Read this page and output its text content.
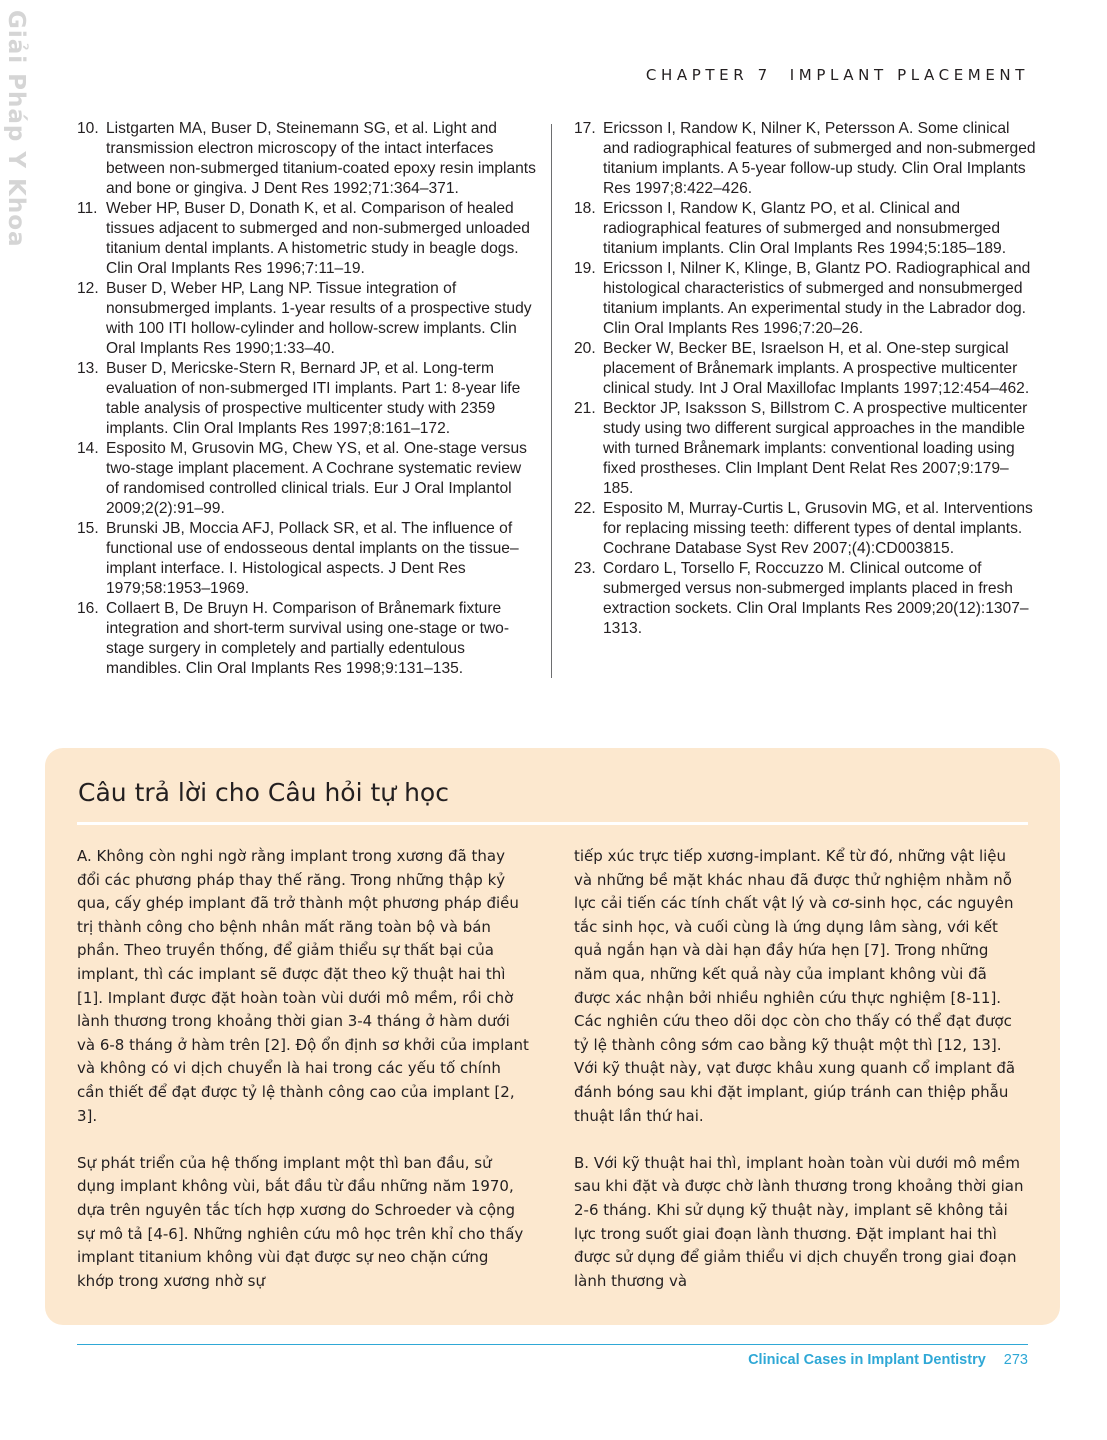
Giải Pháp Y Khoa	CHAPTER 7 IMPLANT PLACEMENT
10. Listgarten MA, Buser D, Steinemann SG, et al. Light and transmission electron microscopy of the intact interfaces between non-submerged titanium-coated epoxy resin implants and bone or gingiva. J Dent Res 1992;71:364–371.
11. Weber HP, Buser D, Donath K, et al. Comparison of healed tissues adjacent to submerged and non-submerged unloaded titanium dental implants. A histometric study in beagle dogs. Clin Oral Implants Res 1996;7:11–19.
12. Buser D, Weber HP, Lang NP. Tissue integration of nonsubmerged implants. 1-year results of a prospective study with 100 ITI hollow-cylinder and hollow-screw implants. Clin Oral Implants Res 1990;1:33–40.
13. Buser D, Mericske-Stern R, Bernard JP, et al. Long-term evaluation of non-submerged ITI implants. Part 1: 8-year life table analysis of prospective multicenter study with 2359 implants. Clin Oral Implants Res 1997;8:161–172.
14. Esposito M, Grusovin MG, Chew YS, et al. One-stage versus two-stage implant placement. A Cochrane systematic review of randomised controlled clinical trials. Eur J Oral Implantol 2009;2(2):91–99.
15. Brunski JB, Moccia AFJ, Pollack SR, et al. The influence of functional use of endosseous dental implants on the tissue–implant interface. I. Histological aspects. J Dent Res 1979;58:1953–1969.
16. Collaert B, De Bruyn H. Comparison of Brånemark fixture integration and short-term survival using one-stage or two-stage surgery in completely and partially edentulous mandibles. Clin Oral Implants Res 1998;9:131–135.
17. Ericsson I, Randow K, Nilner K, Petersson A. Some clinical and radiographical features of submerged and non-submerged titanium implants. A 5-year follow-up study. Clin Oral Implants Res 1997;8:422–426.
18. Ericsson I, Randow K, Glantz PO, et al. Clinical and radiographical features of submerged and nonsubmerged titanium implants. Clin Oral Implants Res 1994;5:185–189.
19. Ericsson I, Nilner K, Klinge, B, Glantz PO. Radiographical and histological characteristics of submerged and nonsubmerged titanium implants. An experimental study in the Labrador dog. Clin Oral Implants Res 1996;7:20–26.
20. Becker W, Becker BE, Israelson H, et al. One-step surgical placement of Brånemark implants. A prospective multicenter clinical study. Int J Oral Maxillofac Implants 1997;12:454–462.
21. Becktor JP, Isaksson S, Billstrom C. A prospective multicenter study using two different surgical approaches in the mandible with turned Brånemark implants: conventional loading using fixed prostheses. Clin Implant Dent Relat Res 2007;9:179–185.
22. Esposito M, Murray-Curtis L, Grusovin MG, et al. Interventions for replacing missing teeth: different types of dental implants. Cochrane Database Syst Rev 2007;(4):CD003815.
23. Cordaro L, Torsello F, Roccuzzo M. Clinical outcome of submerged versus non-submerged implants placed in fresh extraction sockets. Clin Oral Implants Res 2009;20(12):1307–1313.
Câu trả lời cho Câu hỏi tự học

A. Không còn nghi ngờ rằng implant trong xương đã thay đổi các phương pháp thay thế răng. Trong những thập kỷ qua, cấy ghép implant đã trở thành một phương pháp điều trị thành công cho bệnh nhân mất răng toàn bộ và bán phần. Theo truyền thống, để giảm thiểu sự thất bại của implant, thì các implant sẽ được đặt theo kỹ thuật hai thì [1]. Implant được đặt hoàn toàn vùi dưới mô mềm, rồi chờ lành thương trong khoảng thời gian 3-4 tháng ở hàm dưới và 6-8 tháng ở hàm trên [2]. Độ ổn định sơ khởi của implant và không có vi dịch chuyển là hai trong các yếu tố chính cần thiết để đạt được tỷ lệ thành công cao của implant [2, 3].

Sự phát triển của hệ thống implant một thì ban đầu, sử dụng implant không vùi, bắt đầu từ đầu những năm 1970, dựa trên nguyên tắc tích hợp xương do Schroeder và cộng sự mô tả [4-6]. Những nghiên cứu mô học trên khỉ cho thấy implant titanium không vùi đạt được sự neo chặn cứng khớp trong xương nhờ sự

tiếp xúc trực tiếp xương-implant. Kể từ đó, những vật liệu và những bề mặt khác nhau đã được thử nghiệm nhằm nỗ lực cải tiến các tính chất vật lý và cơ-sinh học, các nguyên tắc sinh học, và cuối cùng là ứng dụng lâm sàng, với kết quả ngắn hạn và dài hạn đầy hứa hẹn [7]. Trong những năm qua, những kết quả này của implant không vùi đã được xác nhận bởi nhiều nghiên cứu thực nghiệm [8-11]. Các nghiên cứu theo dõi dọc còn cho thấy có thể đạt được tỷ lệ thành công sớm cao bằng kỹ thuật một thì [12, 13]. Với kỹ thuật này, vạt được khâu xung quanh cổ implant đã đánh bóng sau khi đặt implant, giúp tránh can thiệp phẫu thuật lần thứ hai.

B. Với kỹ thuật hai thì, implant hoàn toàn vùi dưới mô mềm sau khi đặt và được chờ lành thương trong khoảng thời gian 2-6 tháng. Khi sử dụng kỹ thuật này, implant sẽ không tải lực trong suốt giai đoạn lành thương. Đặt implant hai thì được sử dụng để giảm thiểu vi dịch chuyển trong giai đoạn lành thương và

Clinical Cases in Implant Dentistry 273
